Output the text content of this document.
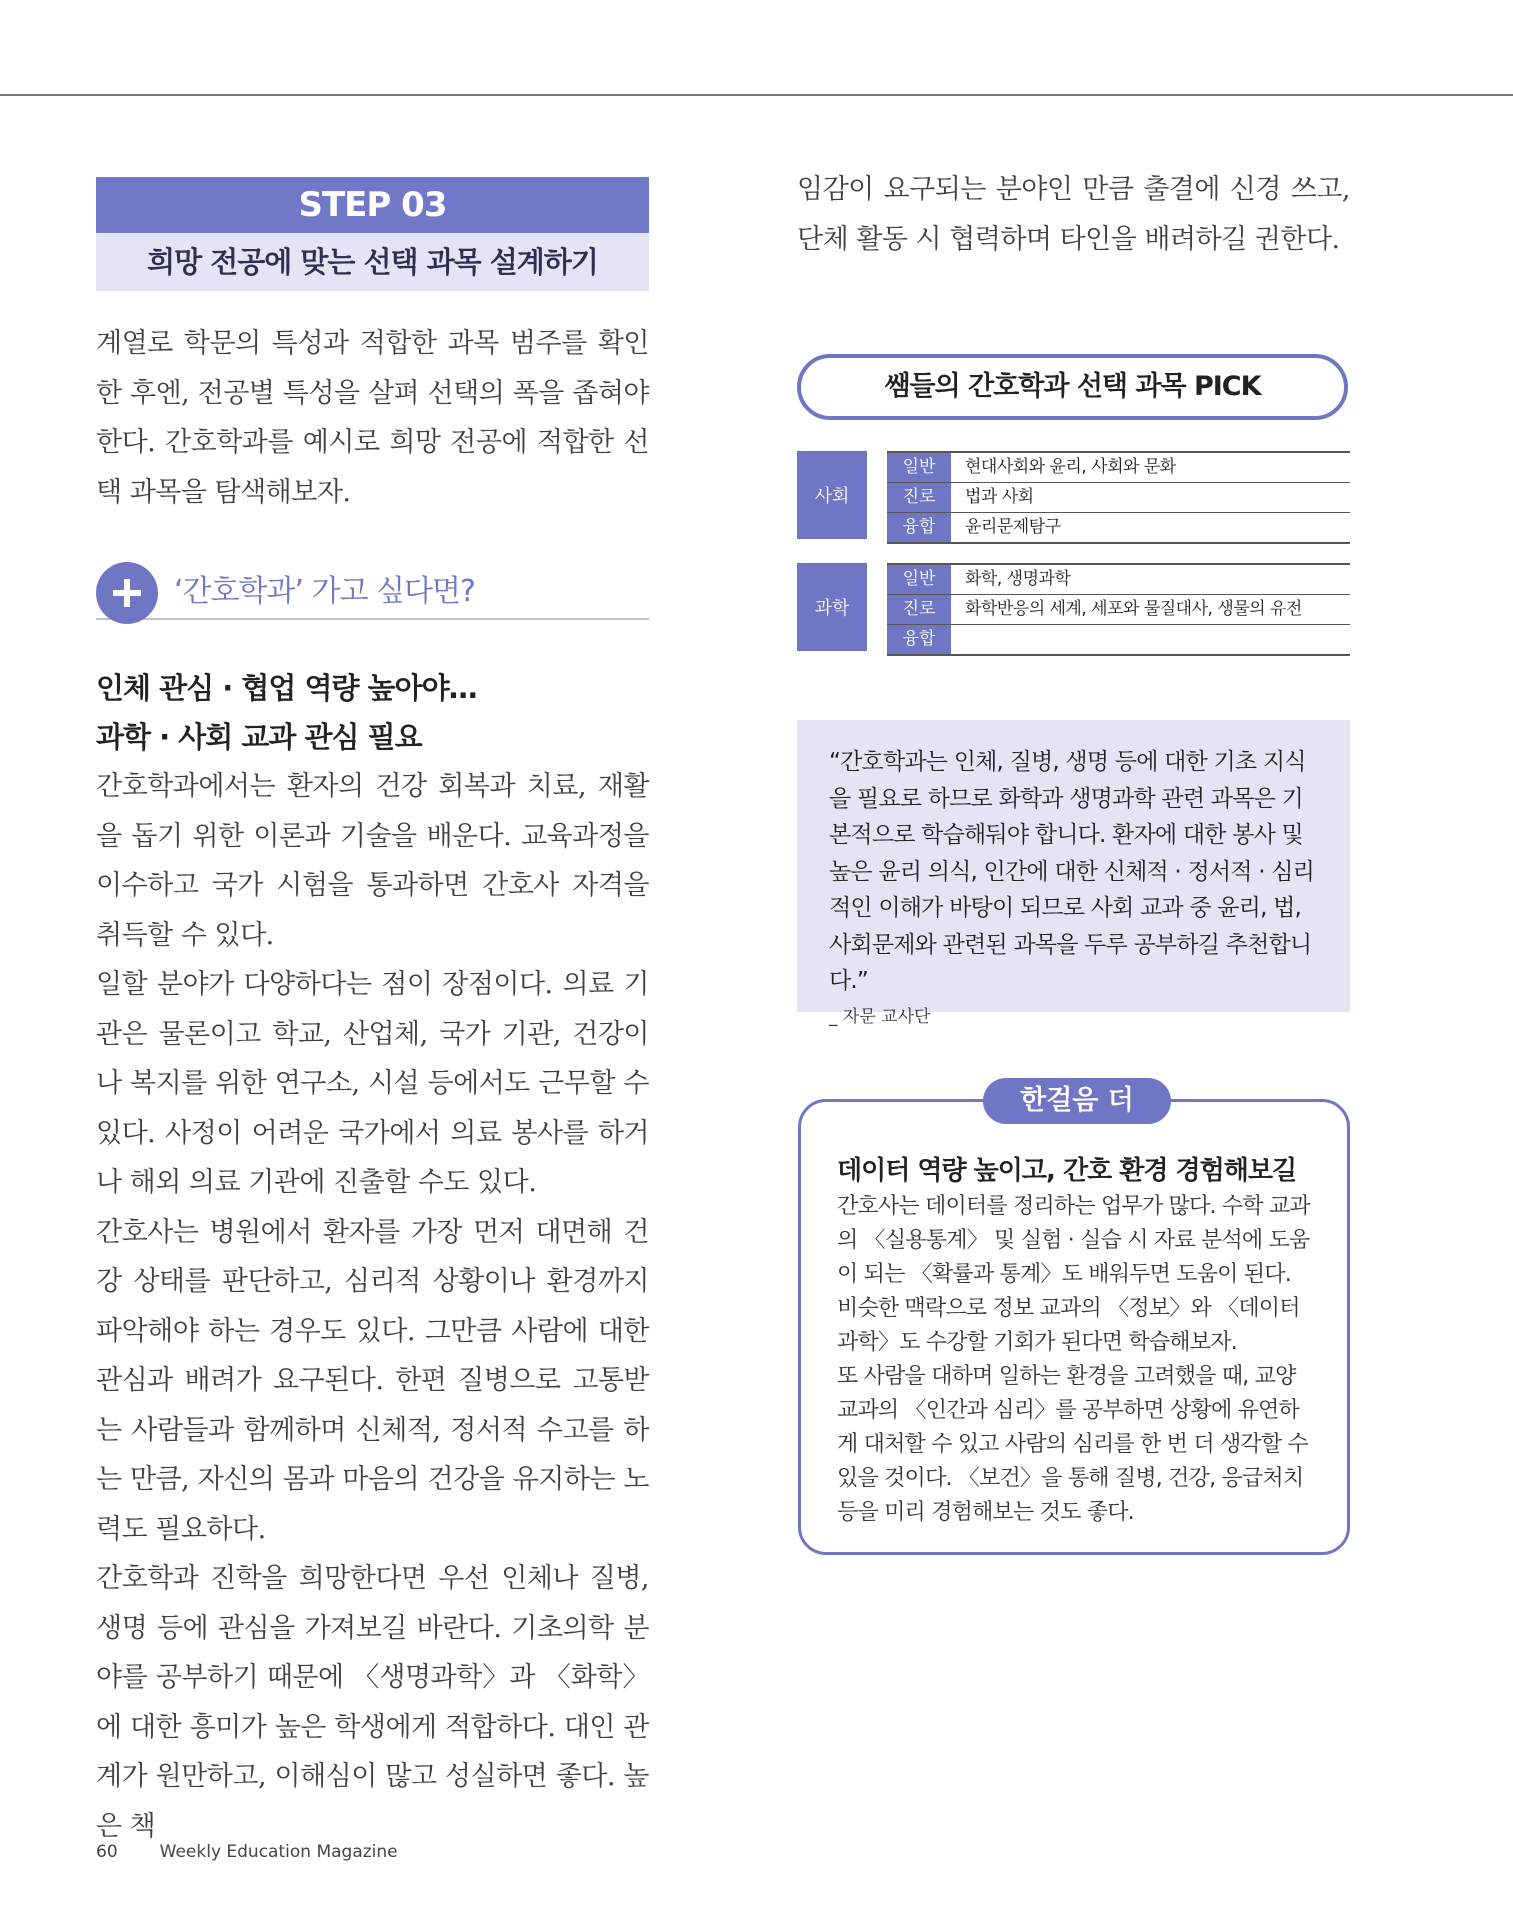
STEP 03
희망 전공에 맞는 선택 과목 설계하기

계열로 학문의 특성과 적합한 과목 범주를 확인한 후엔, 전공별 특성을 살펴 선택의 폭을 좁혀야 한다. 간호학과를 예시로 희망 전공에 적합한 선택 과목을 탐색해보자.

‘간호학과’ 가고 싶다면?
인체 관심 · 협업 역량 높아야…
과학 · 사회 교과 관심 필요

간호학과에서는 환자의 건강 회복과 치료, 재활을 돕기 위한 이론과 기술을 배운다. 교육과정을 이수하고 국가 시험을 통과하면 간호사 자격을 취득할 수 있다.

일할 분야가 다양하다는 점이 장점이다. 의료 기관은 물론이고 학교, 산업체, 국가 기관, 건강이나 복지를 위한 연구소, 시설 등에서도 근무할 수 있다. 사정이 어려운 국가에서 의료 봉사를 하거나 해외 의료 기관에 진출할 수도 있다.

간호사는 병원에서 환자를 가장 먼저 대면해 건강 상태를 판단하고, 심리적 상황이나 환경까지 파악해야 하는 경우도 있다. 그만큼 사람에 대한 관심과 배려가 요구된다. 한편 질병으로 고통받는 사람들과 함께하며 신체적, 정서적 수고를 하는 만큼, 자신의 몸과 마음의 건강을 유지하는 노력도 필요하다.

간호학과 진학을 희망한다면 우선 인체나 질병, 생명 등에 관심을 가져보길 바란다. 기초의학 분야를 공부하기 때문에 〈생명과학〉과 〈화학〉에 대한 흥미가 높은 학생에게 적합하다. 대인 관계가 원만하고, 이해심이 많고 성실하면 좋다. 높은 책

임감이 요구되는 분야인 만큼 출결에 신경 쓰고, 단체 활동 시 협력하며 타인을 배려하길 권한다.

쌤들의 간호학과 선택 과목 PICK
사회
일반	현대사회와 윤리, 사회와 문화
진로	법과 사회
융합	윤리문제탐구
과학
일반	화학, 생명과학
진로	화학반응의 세계, 세포와 물질대사, 생물의 유전
융합

“간호학과는 인체, 질병, 생명 등에 대한 기초 지식을 필요로 하므로 화학과 생명과학 관련 과목은 기본적으로 학습해둬야 합니다. 환자에 대한 봉사 및 높은 윤리 의식, 인간에 대한 신체적 · 정서적 · 심리적인 이해가 바탕이 되므로 사회 교과 중 윤리, 법, 사회문제와 관련된 과목을 두루 공부하길 추천합니다.”

_ 자문 교사단
한걸음 더
데이터 역량 높이고, 간호 환경 경험해보길

간호사는 데이터를 정리하는 업무가 많다. 수학 교과의 〈실용통계〉 및 실험 · 실습 시 자료 분석에 도움이 되는 〈확률과 통계〉도 배워두면 도움이 된다. 비슷한 맥락으로 정보 교과의 〈정보〉와 〈데이터과학〉도 수강할 기회가 된다면 학습해보자.
또 사람을 대하며 일하는 환경을 고려했을 때, 교양 교과의 〈인간과 심리〉를 공부하면 상황에 유연하게 대처할 수 있고 사람의 심리를 한 번 더 생각할 수 있을 것이다. 〈보건〉을 통해 질병, 건강, 응급처치 등을 미리 경험해보는 것도 좋다.

60 Weekly Education Magazine
